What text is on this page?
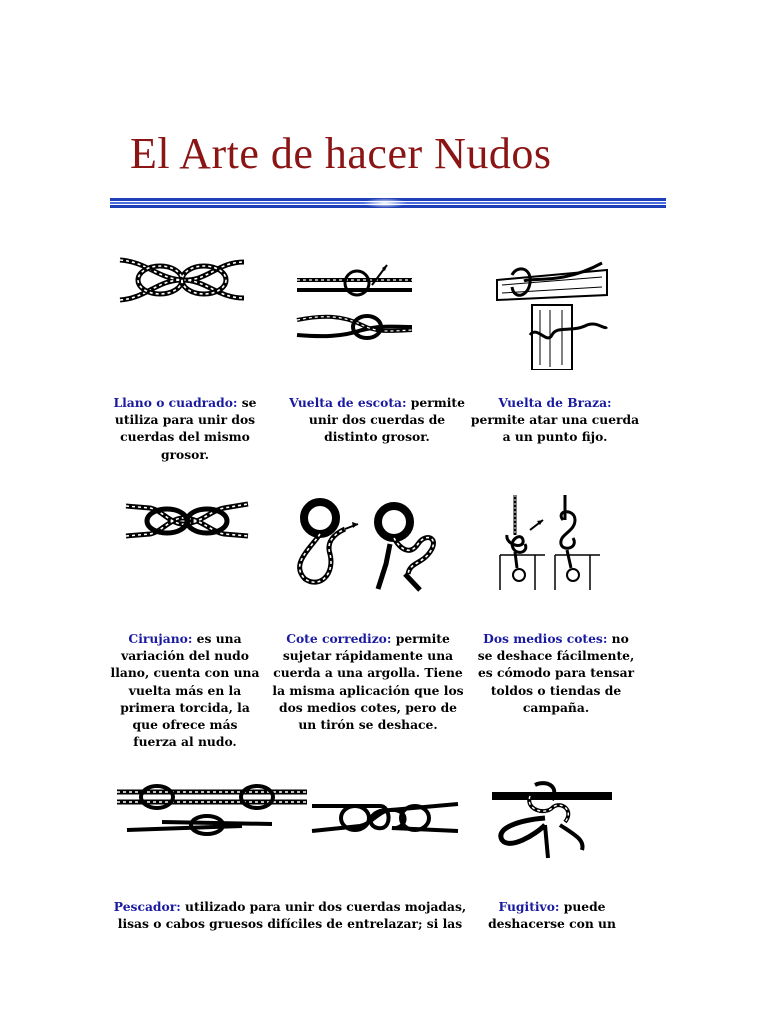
El Arte de hacer Nudos
Llano o cuadrado: se utiliza para unir dos cuerdas del mismo grosor.
Vuelta de escota: permite unir dos cuerdas de distinto grosor.
Vuelta de Braza: permite atar una cuerda a un punto fijo.
Cirujano: es una variación del nudo llano, cuenta con una vuelta más en la primera torcida, la que ofrece más fuerza al nudo.
Cote corredizo: permite sujetar rápidamente una cuerda a una argolla. Tiene la misma aplicación que los dos medios cotes, pero de un tirón se deshace.
Dos medios cotes: no se deshace fácilmente, es cómodo para tensar toldos o tiendas de campaña.
Pescador: utilizado para unir dos cuerdas mojadas, lisas o cabos gruesos difíciles de entrelazar; si las
Fugitivo: puede deshacerse con un
